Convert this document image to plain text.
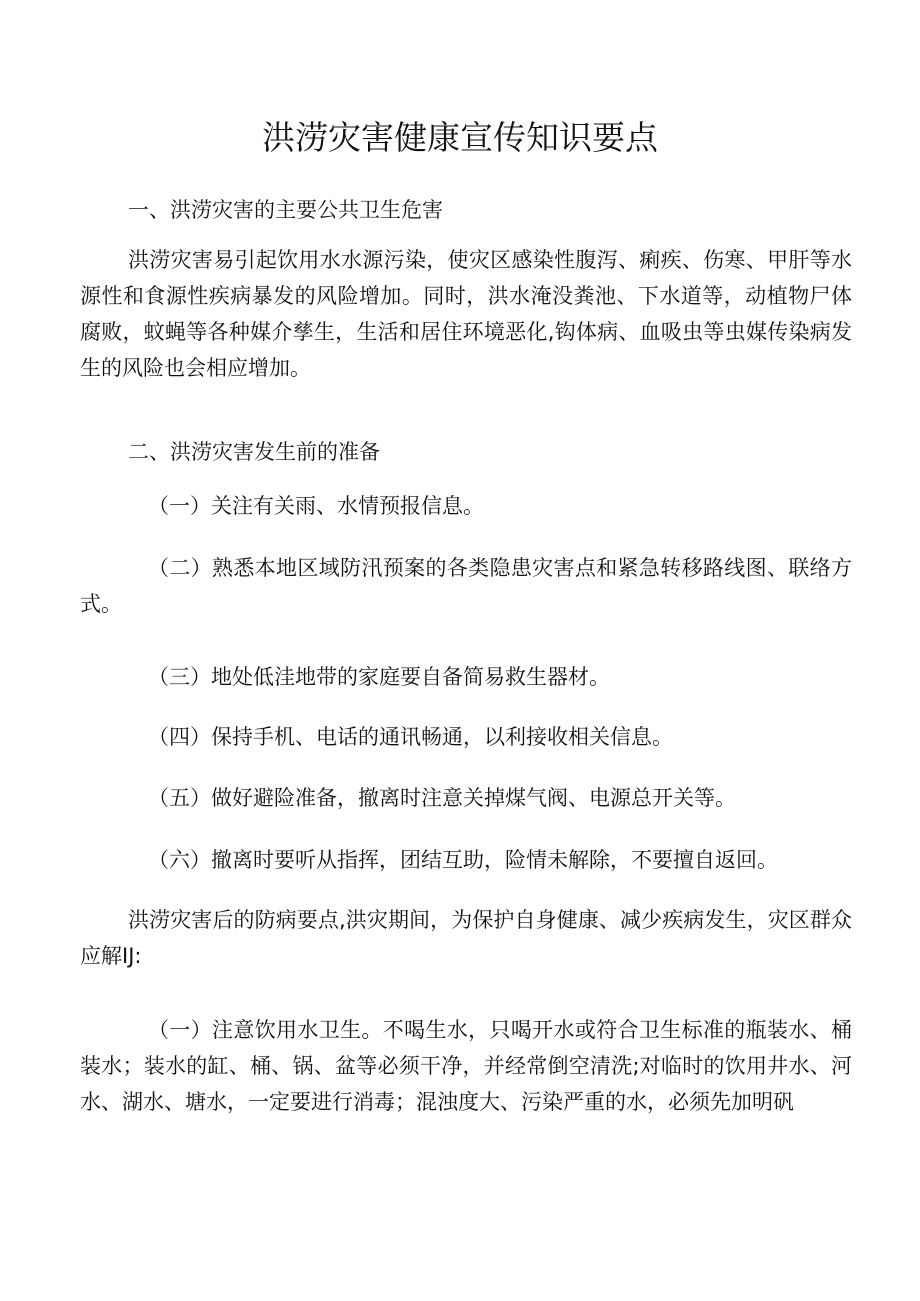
洪涝灾害健康宣传知识要点

一、洪涝灾害的主要公共卫生危害

洪涝灾害易引起饮用水水源污染，使灾区感染性腹泻、痢疾、伤寒、甲肝等水源性和食源性疾病暴发的风险增加。同时，洪水淹没粪池、下水道等，动植物尸体腐败，蚊蝇等各种媒介孳生，生活和居住环境恶化,钩体病、血吸虫等虫媒传染病发生的风险也会相应增加。

二、洪涝灾害发生前的准备

（一）关注有关雨、水情预报信息。

（二）熟悉本地区域防汛预案的各类隐患灾害点和紧急转移路线图、联络方式。

（三）地处低洼地带的家庭要自备简易救生器材。

（四）保持手机、电话的通讯畅通，以利接收相关信息。

（五）做好避险准备，撤离时注意关掉煤气阀、电源总开关等。

（六）撤离时要听从指挥，团结互助，险情未解除，不要擅自返回。

洪涝灾害后的防病要点,洪灾期间，为保护自身健康、减少疾病发生，灾区群众应解IJ:

（一）注意饮用水卫生。不喝生水，只喝开水或符合卫生标准的瓶装水、桶装水；装水的缸、桶、锅、盆等必须干净，并经常倒空清洗;对临时的饮用井水、河水、湖水、塘水，一定要进行消毒；混浊度大、污染严重的水，必须先加明矾
